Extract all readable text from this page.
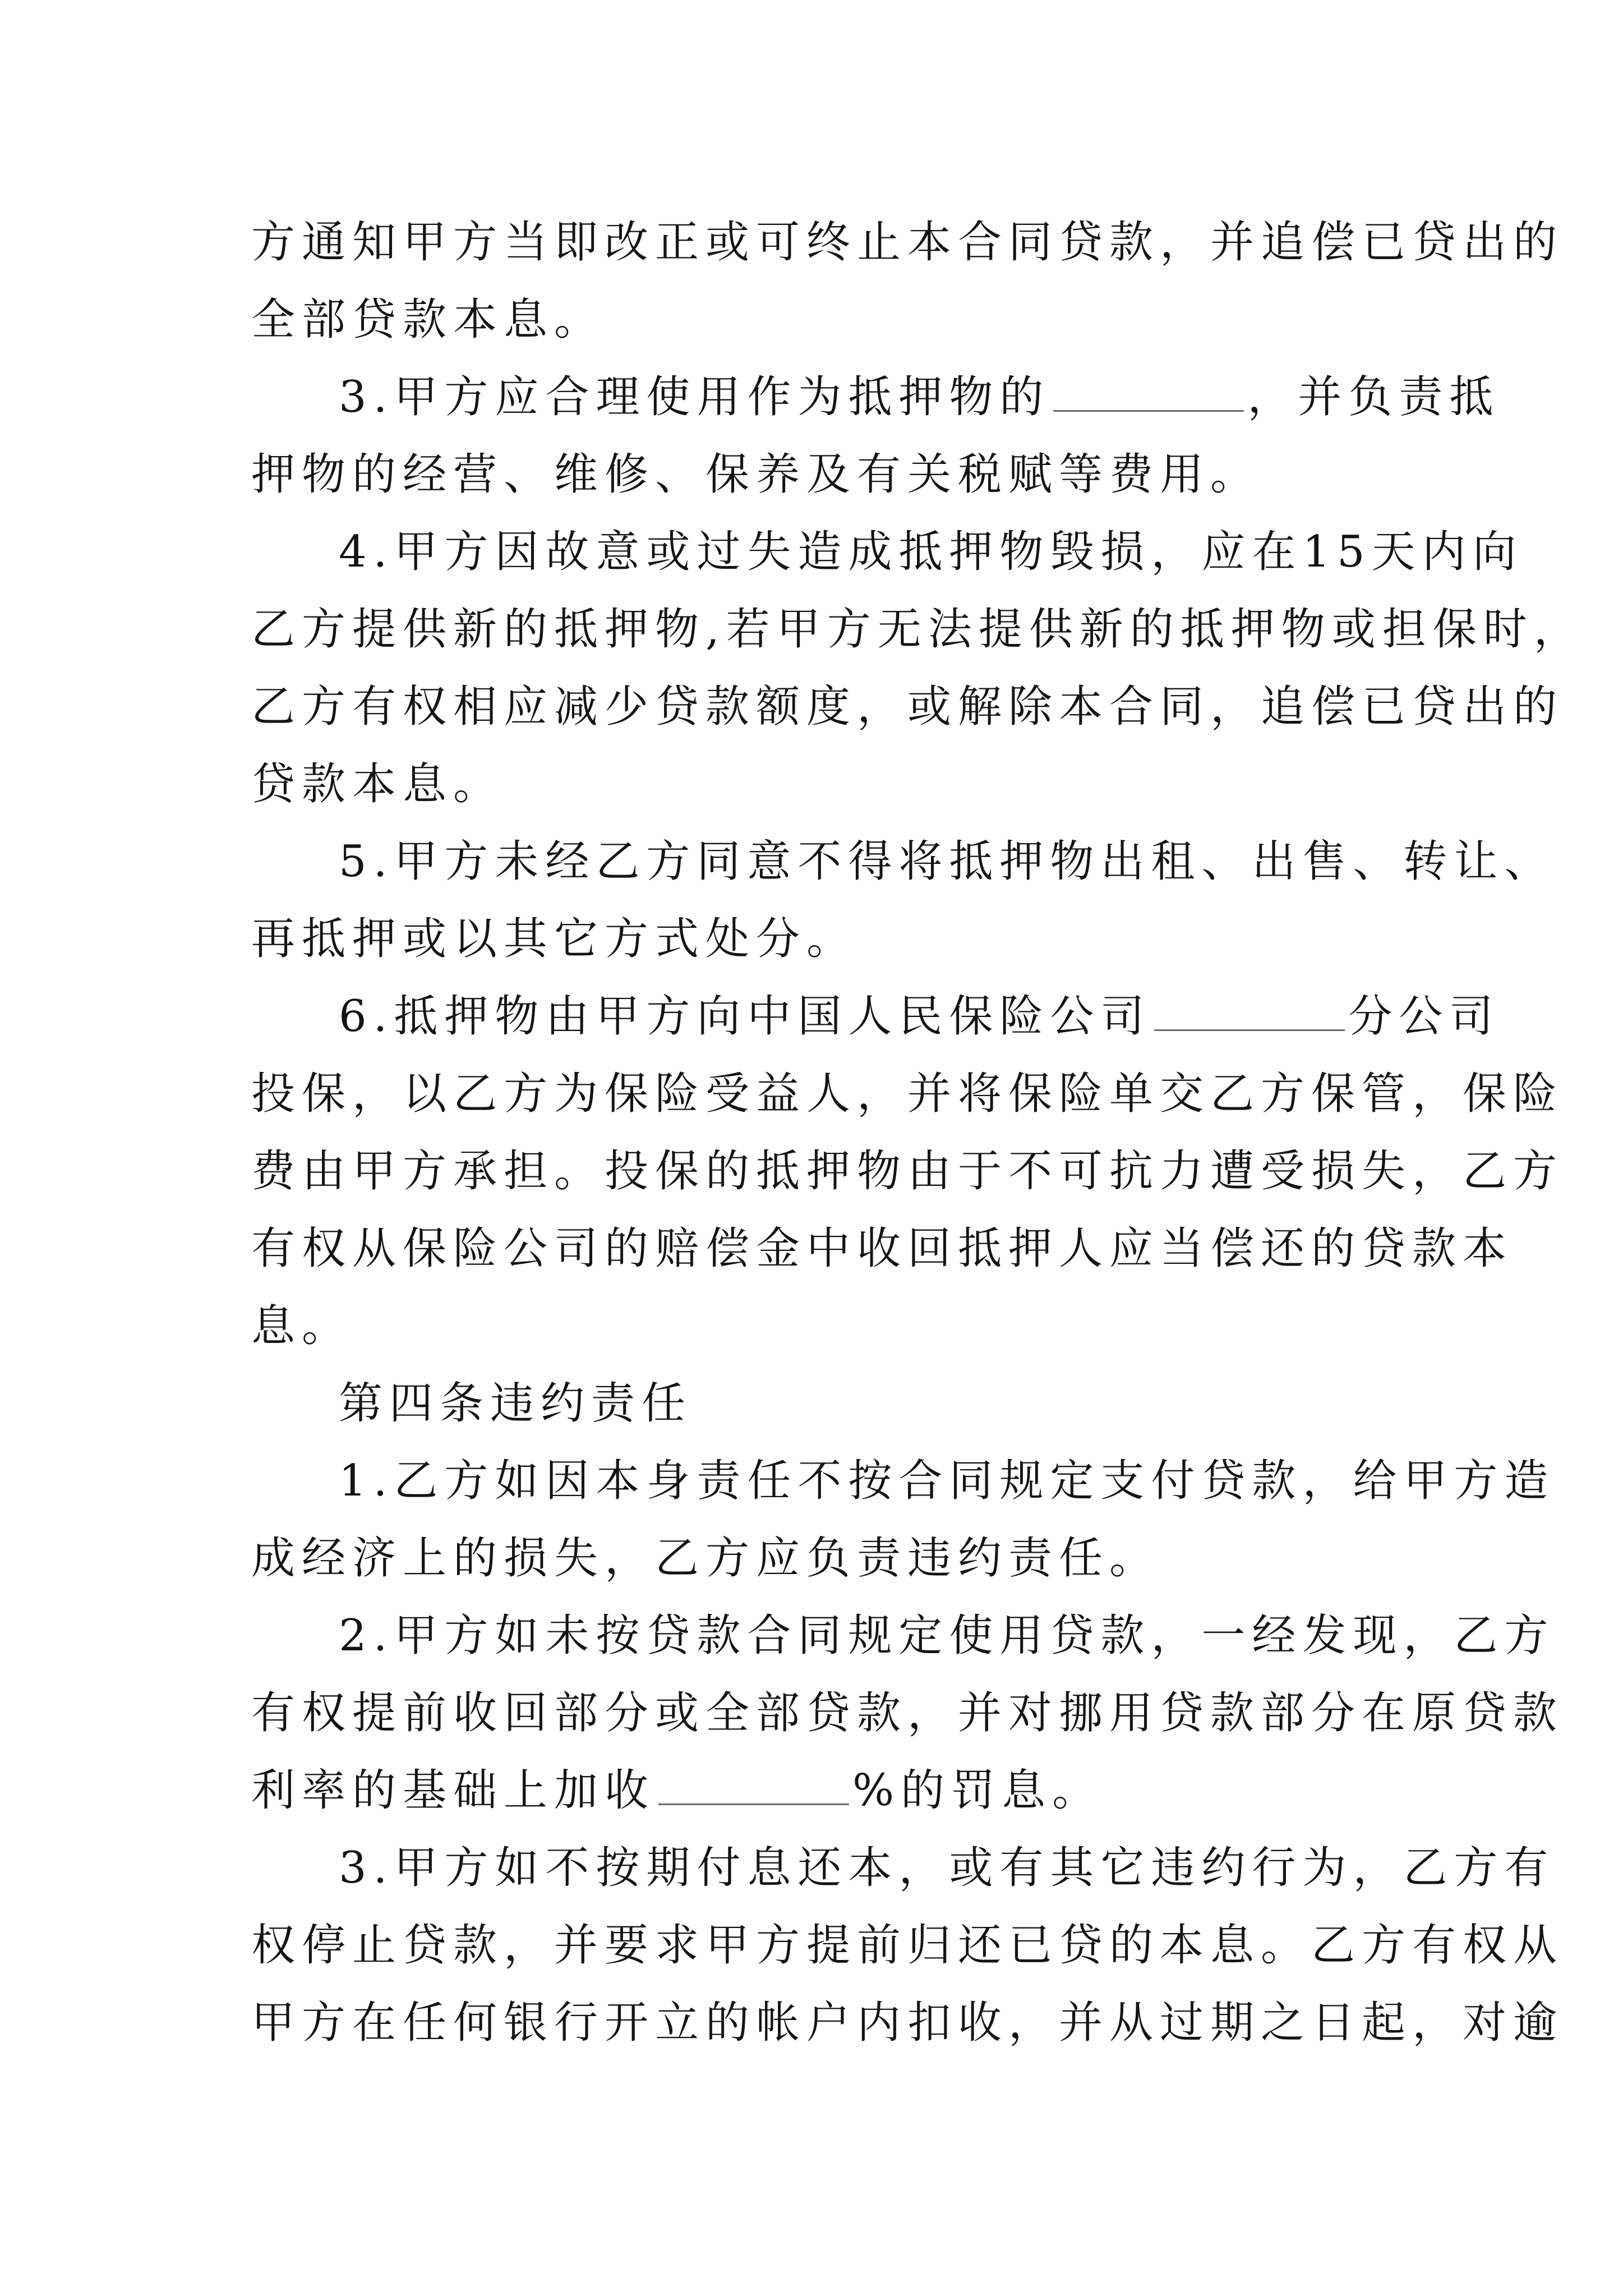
方通知甲方当即改正或可终止本合同贷款，并追偿已贷出的
全部贷款本息。
3.甲方应合理使用作为抵押物的	，并负责抵
押物的经营、维修、保养及有关税赋等费用。
4.甲方因故意或过失造成抵押物毁损，应在15天内向
乙方提供新的抵押物,若甲方无法提供新的抵押物或担保时，
乙方有权相应减少贷款额度，或解除本合同，追偿已贷出的
贷款本息。
5.甲方未经乙方同意不得将抵押物出租、出售、转让、
再抵押或以其它方式处分。
6.抵押物由甲方向中国人民保险公司	分公司
投保，以乙方为保险受益人，并将保险单交乙方保管，保险
费由甲方承担。投保的抵押物由于不可抗力遭受损失，乙方
有权从保险公司的赔偿金中收回抵押人应当偿还的贷款本
息。
第四条违约责任
1.乙方如因本身责任不按合同规定支付贷款，给甲方造
成经济上的损失，乙方应负责违约责任。
2.甲方如未按贷款合同规定使用贷款，一经发现，乙方
有权提前收回部分或全部贷款，并对挪用贷款部分在原贷款
利率的基础上加收	%的罚息。
3.甲方如不按期付息还本，或有其它违约行为，乙方有
权停止贷款，并要求甲方提前归还已贷的本息。乙方有权从
甲方在任何银行开立的帐户内扣收，并从过期之日起，对逾
